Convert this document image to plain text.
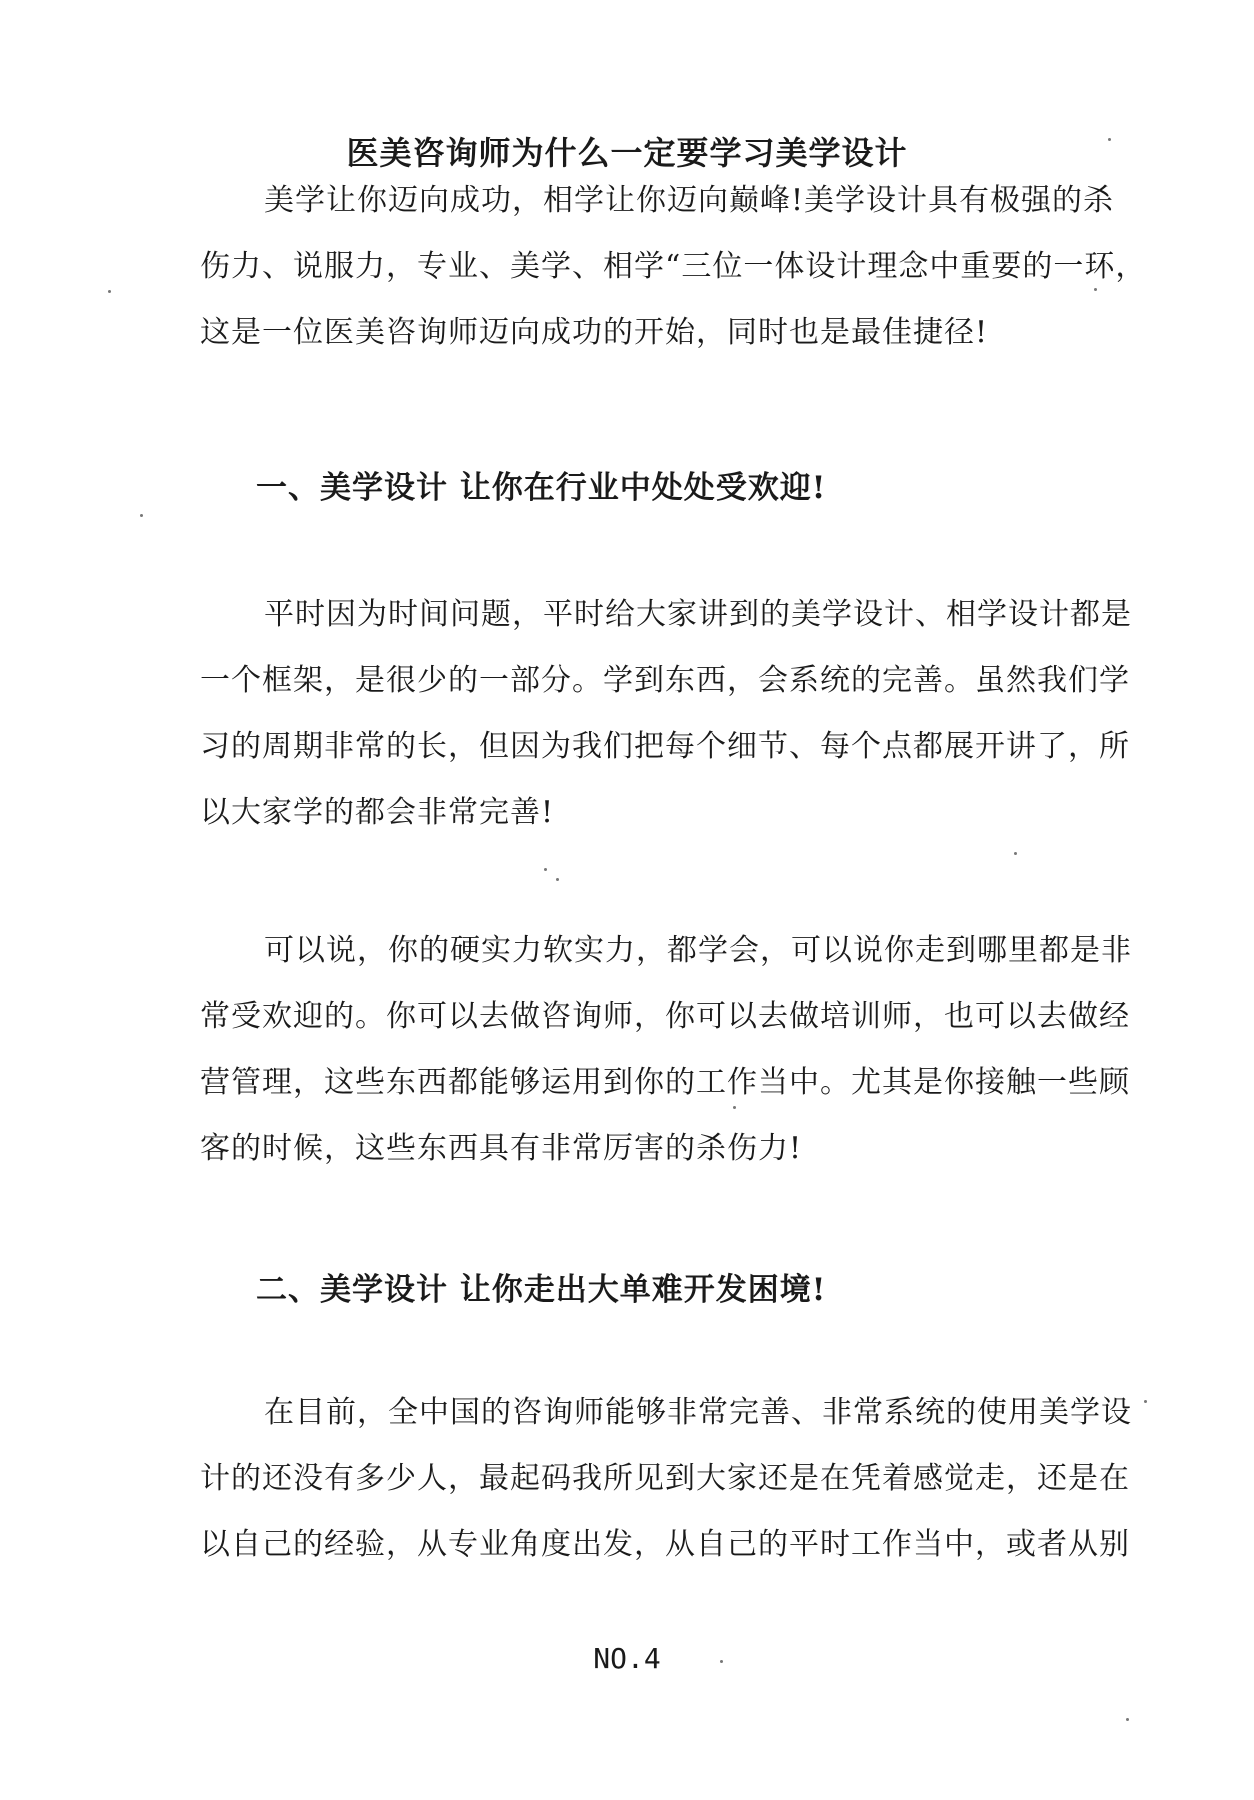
医美咨询师为什么一定要学习美学设计

美学让你迈向成功，相学让你迈向巅峰!美学设计具有极强的杀
伤力、说服力，专业、美学、相学“三位一体设计理念中重要的一环，
这是一位医美咨询师迈向成功的开始，同时也是最佳捷径!

一、美学设计 让你在行业中处处受欢迎!

平时因为时间问题，平时给大家讲到的美学设计、相学设计都是
一个框架，是很少的一部分。学到东西，会系统的完善。虽然我们学
习的周期非常的长，但因为我们把每个细节、每个点都展开讲了，所
以大家学的都会非常完善!

可以说，你的硬实力软实力，都学会，可以说你走到哪里都是非
常受欢迎的。你可以去做咨询师，你可以去做培训师，也可以去做经
营管理，这些东西都能够运用到你的工作当中。尤其是你接触一些顾
客的时候，这些东西具有非常厉害的杀伤力!

二、美学设计 让你走出大单难开发困境!

在目前，全中国的咨询师能够非常完善、非常系统的使用美学设
计的还没有多少人，最起码我所见到大家还是在凭着感觉走，还是在
以自己的经验，从专业角度出发，从自己的平时工作当中，或者从别

NO.4
